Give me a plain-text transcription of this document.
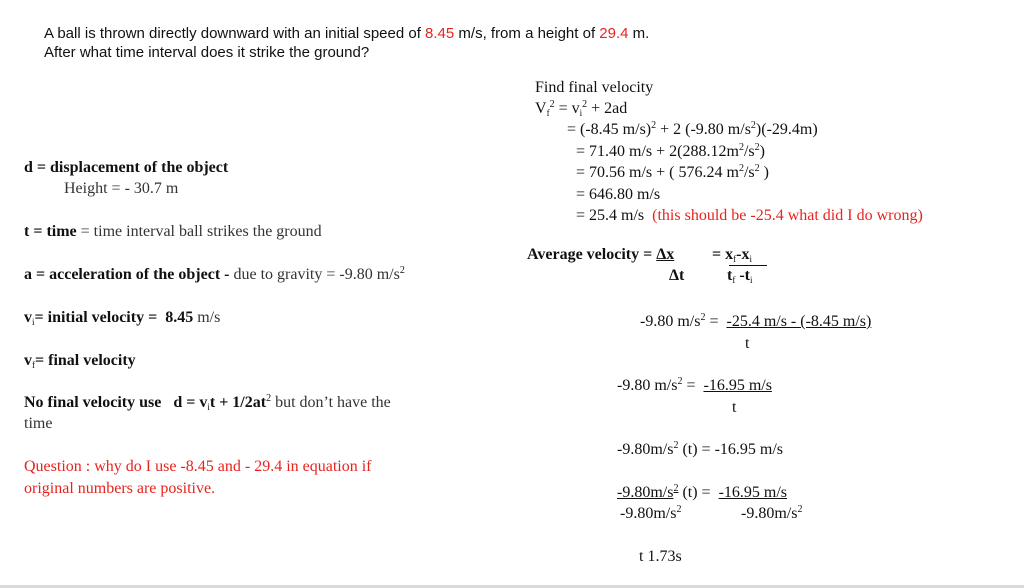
A ball is thrown directly downward with an initial speed of 8.45 m/s, from a height of 29.4 m.
After what time interval does it strike the ground?
d = displacement of the object
Height = - 30.7 m
t = time = time interval ball strikes the ground
a = acceleration of the object - due to gravity = -9.80 $m/s^2$
$v_i=$ initial velocity = 8.45 m/s
$v_f=$ final velocity
No final velocity use $d = v_it + 1/2at^2$ but don’t have the
time
Question : why do I use -8.45 and - 29.4 in equation if
original numbers are positive.
Find final velocity
$V_f^2 = v_i^2 + 2ad$
= (-8.45 m/s)$^2$ + 2 (-9.80 $m/s^2)(-29.4m)$
= 71.40 $m/s + 2(288.12m^2/s^2)$
= 70.56 m/s + ( 576.24 $m^2/s^2$ )
= 646.80 m/s
= 25.4 m/s (this should be -25.4 what did I do wrong)
Average velocity = Δx
Δt
= $x_f-x_i$
$t_f$ $-t_i$
-9.80 $m/s^2 = -25.4$ m/s - (-8.45 m/s)
t
-9.80 $m/s^2 = -16.95$ m/s
t
$-9.80m/s^2$ (t) = -16.95 m/s
$-9.80m/s^2$ (t) =  -16.95 m/s
$-9.80m/s^2$	$-9.80m/s^2$
t 1.73s
